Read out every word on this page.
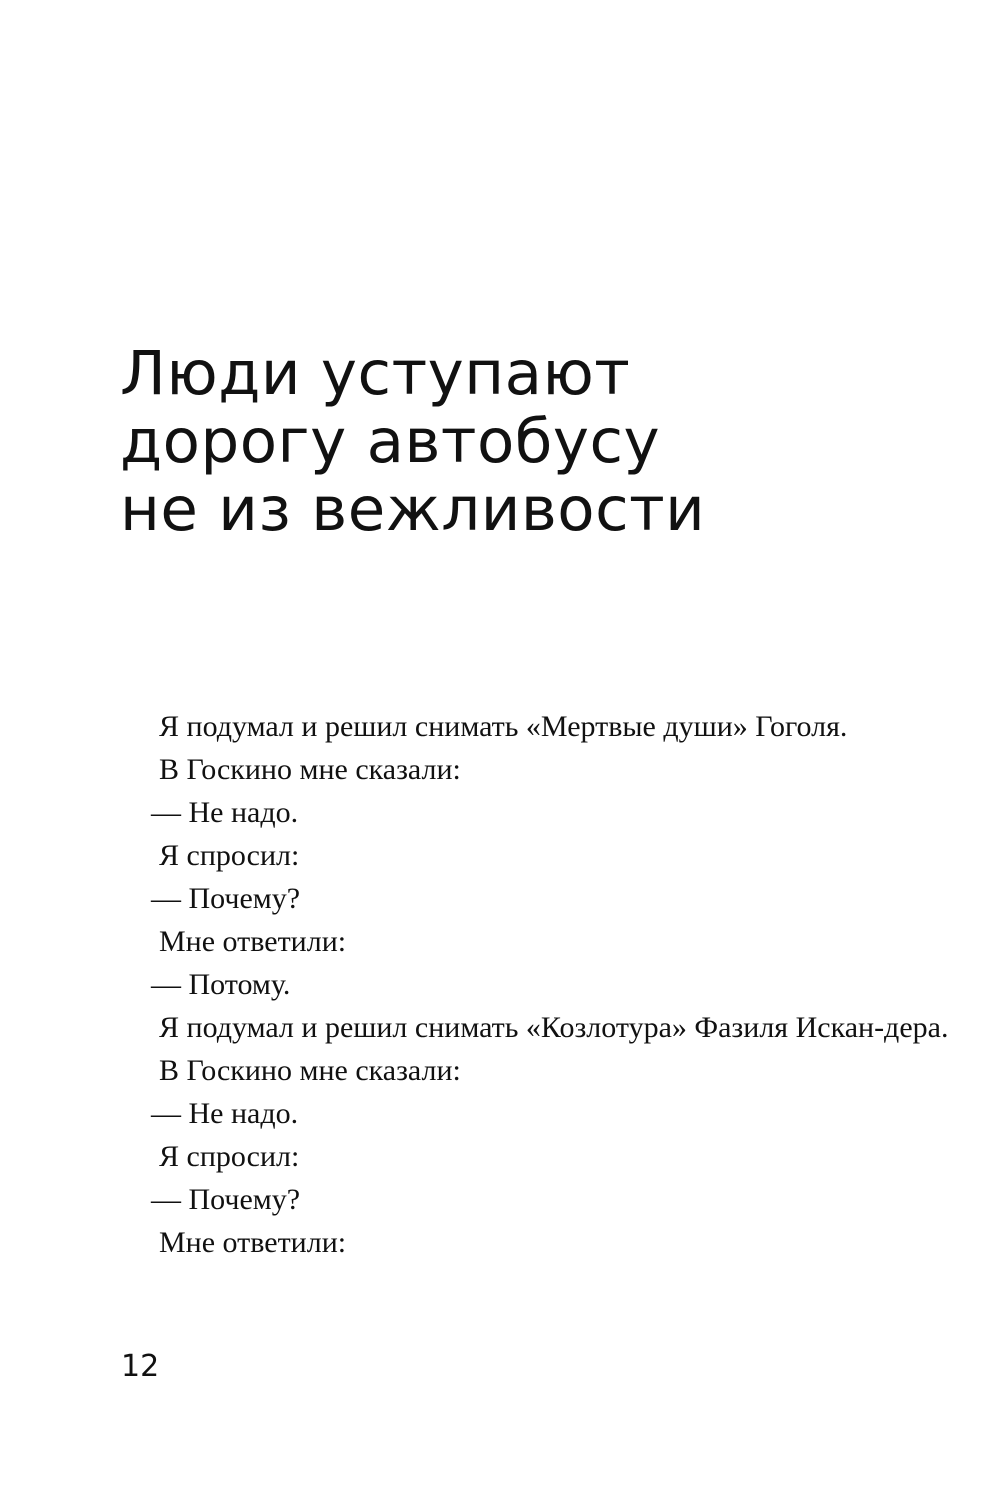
Люди уступают
дорогу автобусу
не из вежливости

Я подумал и решил снимать «Мертвые души» Гоголя.

В Госкино мне сказали:

— Не надо.

Я спросил:

— Почему?

Мне ответили:

— Потому.

Я подумал и решил снимать «Козлотура» Фазиля Искан-дера.

В Госкино мне сказали:

— Не надо.

Я спросил:

— Почему?

Мне ответили:

12
